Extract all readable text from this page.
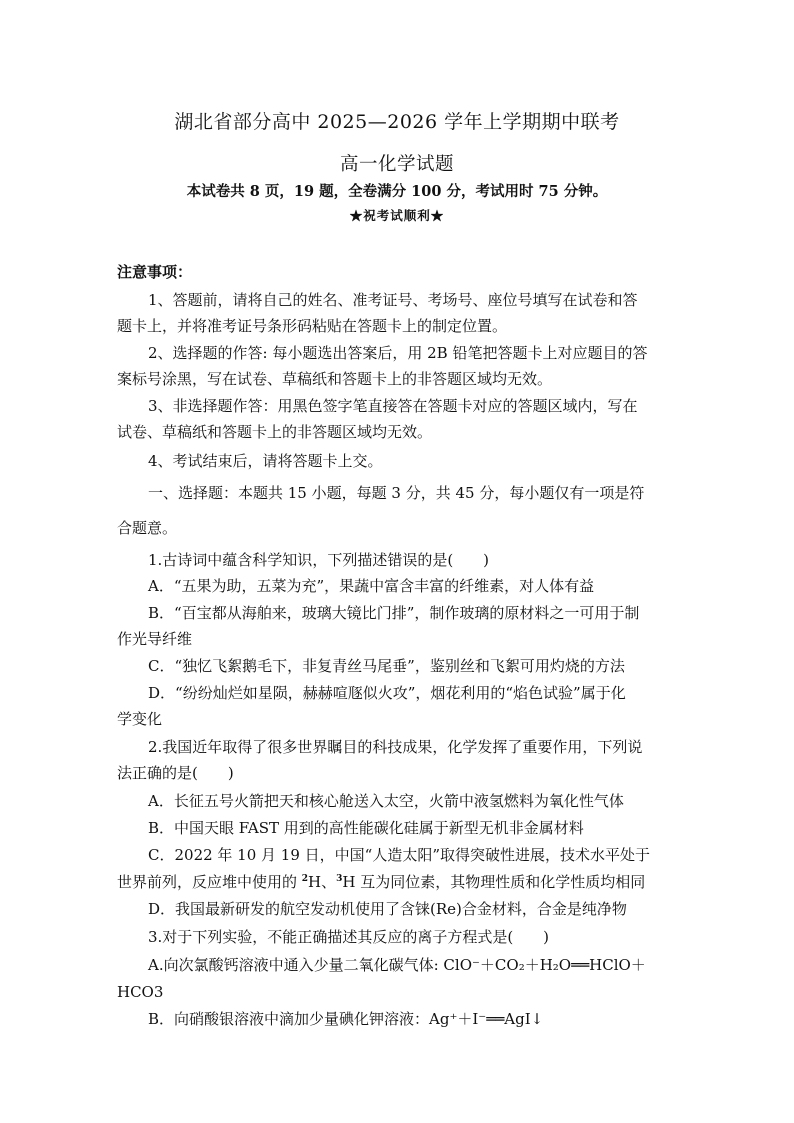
湖北省部分高中 2025—2026 学年上学期期中联考
高一化学试题
本试卷共 8 页，19 题，全卷满分 100 分，考试用时 75 分钟。
★祝考试顺利★
注意事项：
1、答题前，请将自己的姓名、准考证号、考场号、座位号填写在试卷和答
题卡上，并将准考证号条形码粘贴在答题卡上的制定位置。
2、选择题的作答: 每小题选出答案后，用 2B 铅笔把答题卡上对应题目的答
案标号涂黑，写在试卷、草稿纸和答题卡上的非答题区域均无效。
3、非选择题作答：用黑色签字笔直接答在答题卡对应的答题区域内，写在
试卷、草稿纸和答题卡上的非答题区域均无效。
4、考试结束后，请将答题卡上交。
一、选择题：本题共 15 小题，每题 3 分，共 45 分，每小题仅有一项是符
合题意。
1.古诗词中蕴含科学知识，下列描述错误的是(　　)
A．“五果为助，五菜为充”，果蔬中富含丰富的纤维素，对人体有益
B．“百宝都从海舶来，玻璃大镜比门排”，制作玻璃的原材料之一可用于制
作光导纤维
C．“独忆飞絮鹅毛下，非复青丝马尾垂”，鉴别丝和飞絮可用灼烧的方法
D．“纷纷灿烂如星陨，赫赫喧豗似火攻”，烟花利用的“焰色试验”属于化
学变化
2.我国近年取得了很多世界瞩目的科技成果，化学发挥了重要作用，下列说
法正确的是(　　)
A．长征五号火箭把天和核心舱送入太空，火箭中液氢燃料为氧化性气体
B．中国天眼 FAST 用到的高性能碳化硅属于新型无机非金属材料
C．2022 年 10 月 19 日，中国“人造太阳”取得突破性进展，技术水平处于
世界前列，反应堆中使用的 $^2$H、$^3$H 互为同位素，其物理性质和化学性质均相同
D．我国最新研发的航空发动机使用了含铼(Re)合金材料，合金是纯净物
3.对于下列实验，不能正确描述其反应的离子方程式是(　　)
A.向次氯酸钙溶液中通入少量二氧化碳气体: ClO⁻＋CO₂＋H₂O══HClO＋
HCO3
B．向硝酸银溶液中滴加少量碘化钾溶液：Ag⁺＋I⁻══AgI↓
